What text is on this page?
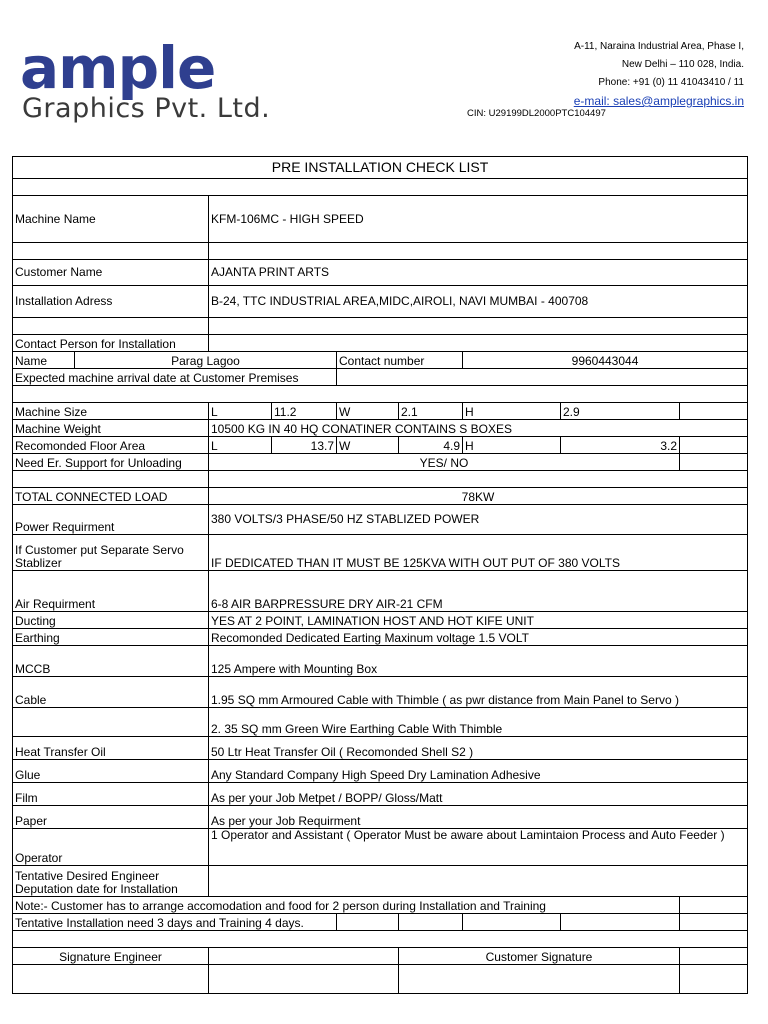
ample
Graphics Pvt. Ltd.
A-11, Naraina Industrial Area, Phase I,
New Delhi – 110 028, India.
Phone: +91 (0) 11 41043410 / 11
e-mail: sales@amplegraphics.in
CIN: U29199DL2000PTC104497
PRE INSTALLATION CHECK LIST								

Machine Name		KFM-106MC - HIGH SPEED						

Customer Name		AJANTA PRINT ARTS						
Installation Adress		B-24, TTC INDUSTRIAL AREA,MIDC,AIROLI, NAVI MUMBAI - 400708						

Contact Person for Installation								
Name	Parag Lagoo			Contact number		9960443044		
Expected machine arrival date at Customer Premises								

Machine Size		L	11.2	W	2.1	H	2.9	
Machine Weight		10500 KG IN 40 HQ CONATINER CONTAINS S BOXES						
Recomonded Floor Area		L	13.7	W	4.9	H	3.2	
Need Er. Support for Unloading		YES/ NO						

TOTAL CONNECTED LOAD		78KW						
Power Requirment		380 VOLTS/3 PHASE/50 HZ STABLIZED POWER						

If Customer put Separate Servo
Stablizer		IF DEDICATED THAN IT MUST BE 125KVA WITH OUT PUT OF 380 VOLTS						
Air Requirment		6-8 AIR BARPRESSURE DRY AIR-21 CFM						
Ducting		YES AT 2 POINT, LAMINATION HOST AND HOT KIFE UNIT						
Earthing		Recomonded Dedicated Earting Maxinum voltage 1.5 VOLT						
MCCB		125 Ampere with Mounting Box						
Cable		1.95 SQ mm Armoured Cable with Thimble ( as pwr distance from Main Panel to Servo )						
		2. 35 SQ mm Green Wire Earthing Cable With Thimble						
Heat Transfer Oil		50 Ltr Heat Transfer Oil ( Recomonded Shell S2 )						
Glue		Any Standard Company High Speed Dry Lamination Adhesive						
Film		As per your Job Metpet / BOPP/ Gloss/Matt						
Paper		As per your Job Requirment						
Operator		1 Operator and Assistant ( Operator Must be aware about Lamintaion Process and Auto Feeder )						

Tentative Desired Engineer
Deputation date for Installation								

Note:- Customer has to arrange accomodation and food for 2 person during Installation and Training								
Tentative Installation need 3 days and Training 4 days.								

Signature Engineer					Customer Signature			
